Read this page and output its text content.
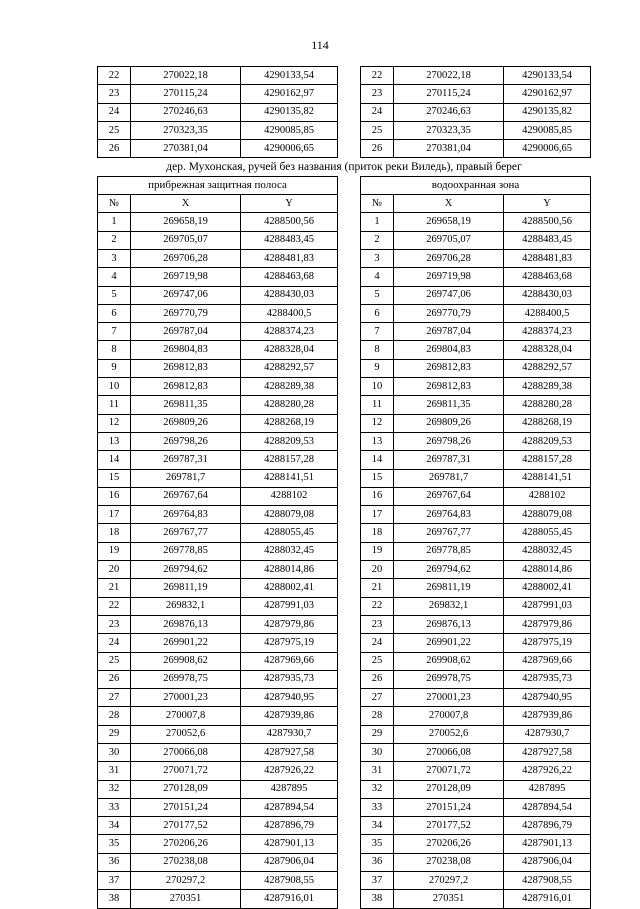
114
22	270022,18	4290133,54		22	270022,18	4290133,54
23	270115,24	4290162,97		23	270115,24	4290162,97
24	270246,63	4290135,82		24	270246,63	4290135,82
25	270323,35	4290085,85		25	270323,35	4290085,85
26	270381,04	4290006,65		26	270381,04	4290006,65
дер. Мухонская, ручей без названия (приток реки Виледь), правый берег						
прибрежная защитная полоса				водоохранная зона		
№	X	Y		№	X	Y
1	269658,19	4288500,56		1	269658,19	4288500,56
2	269705,07	4288483,45		2	269705,07	4288483,45
3	269706,28	4288481,83		3	269706,28	4288481,83
4	269719,98	4288463,68		4	269719,98	4288463,68
5	269747,06	4288430,03		5	269747,06	4288430,03
6	269770,79	4288400,5		6	269770,79	4288400,5
7	269787,04	4288374,23		7	269787,04	4288374,23
8	269804,83	4288328,04		8	269804,83	4288328,04
9	269812,83	4288292,57		9	269812,83	4288292,57
10	269812,83	4288289,38		10	269812,83	4288289,38
11	269811,35	4288280,28		11	269811,35	4288280,28
12	269809,26	4288268,19		12	269809,26	4288268,19
13	269798,26	4288209,53		13	269798,26	4288209,53
14	269787,31	4288157,28		14	269787,31	4288157,28
15	269781,7	4288141,51		15	269781,7	4288141,51
16	269767,64	4288102		16	269767,64	4288102
17	269764,83	4288079,08		17	269764,83	4288079,08
18	269767,77	4288055,45		18	269767,77	4288055,45
19	269778,85	4288032,45		19	269778,85	4288032,45
20	269794,62	4288014,86		20	269794,62	4288014,86
21	269811,19	4288002,41		21	269811,19	4288002,41
22	269832,1	4287991,03		22	269832,1	4287991,03
23	269876,13	4287979,86		23	269876,13	4287979,86
24	269901,22	4287975,19		24	269901,22	4287975,19
25	269908,62	4287969,66		25	269908,62	4287969,66
26	269978,75	4287935,73		26	269978,75	4287935,73
27	270001,23	4287940,95		27	270001,23	4287940,95
28	270007,8	4287939,86		28	270007,8	4287939,86
29	270052,6	4287930,7		29	270052,6	4287930,7
30	270066,08	4287927,58		30	270066,08	4287927,58
31	270071,72	4287926,22		31	270071,72	4287926,22
32	270128,09	4287895		32	270128,09	4287895
33	270151,24	4287894,54		33	270151,24	4287894,54
34	270177,52	4287896,79		34	270177,52	4287896,79
35	270206,26	4287901,13		35	270206,26	4287901,13
36	270238,08	4287906,04		36	270238,08	4287906,04
37	270297,2	4287908,55		37	270297,2	4287908,55
38	270351	4287916,01		38	270351	4287916,01
